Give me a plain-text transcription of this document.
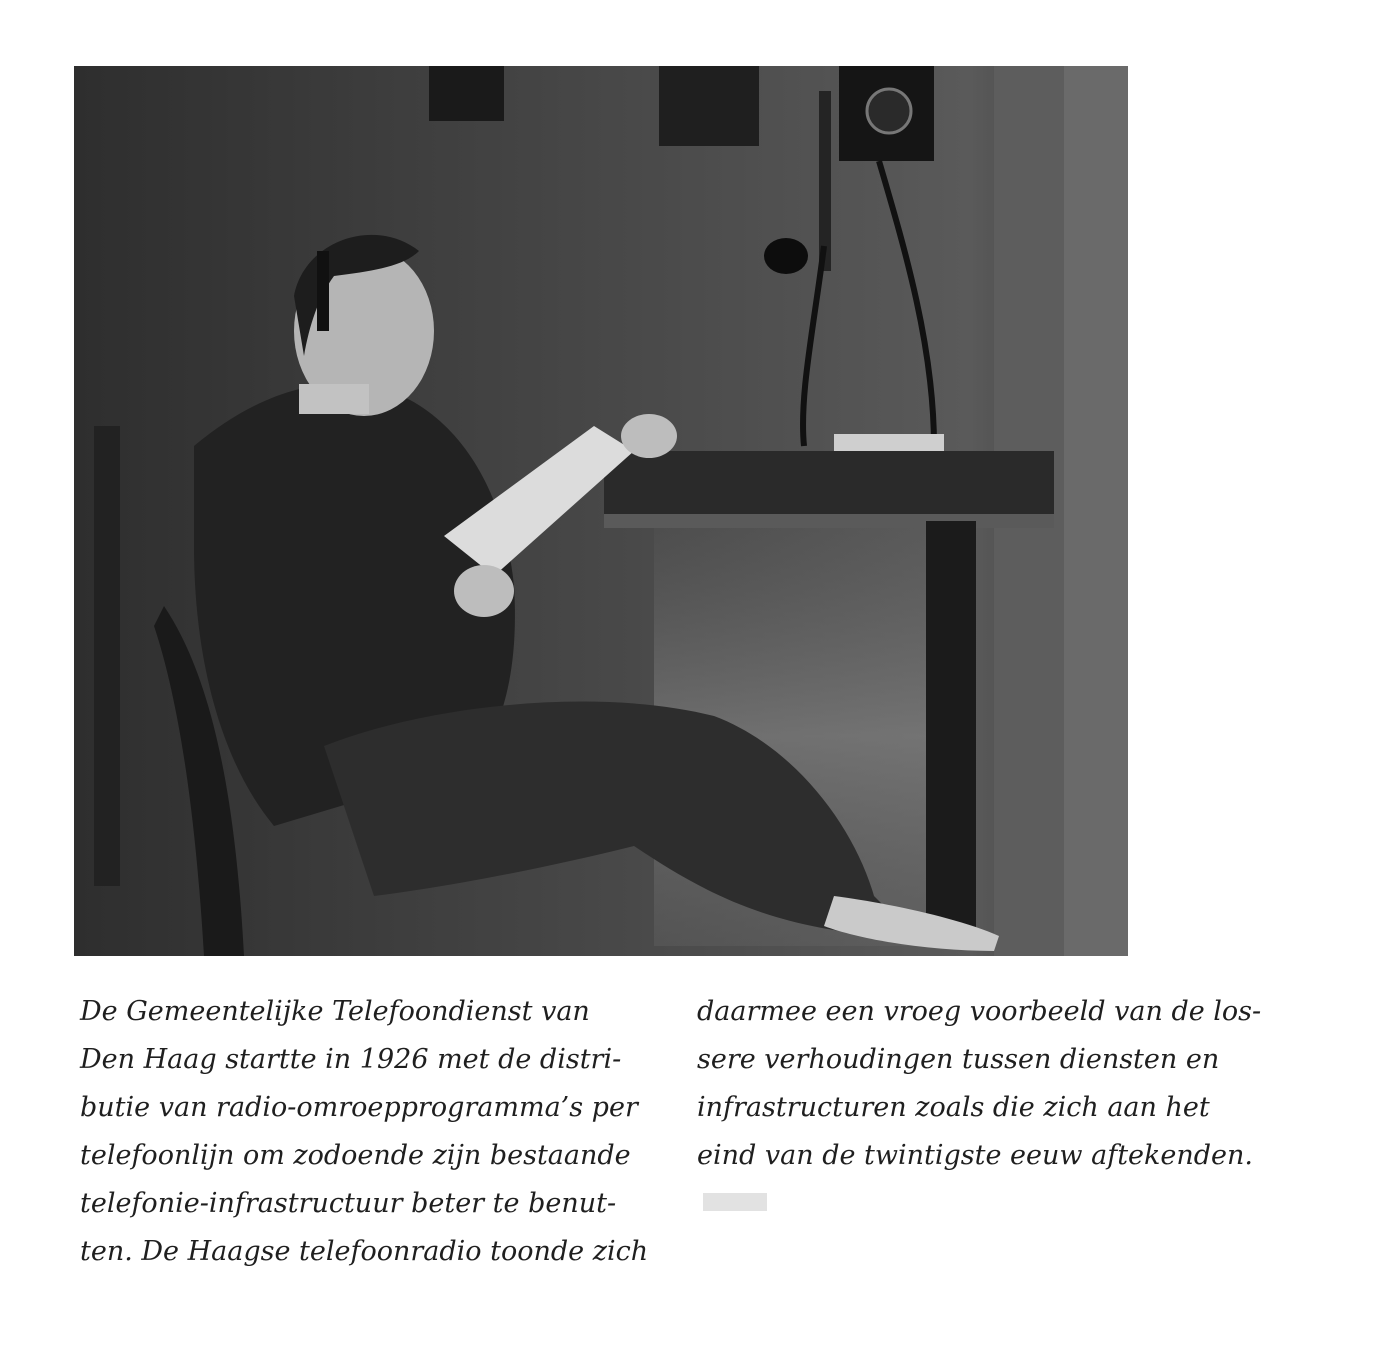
De Gemeentelijke Telefoondienst van
Den Haag startte in 1926 met de distri-
butie van radio-omroepprogramma’s per
telefoonlijn om zodoende zijn bestaande
telefonie-infrastructuur beter te benut-
ten. De Haagse telefoonradio toonde zich
daarmee een vroeg voorbeeld van de los-
sere verhoudingen tussen diensten en
infrastructuren zoals die zich aan het
eind van de twintigste eeuw aftekenden.
